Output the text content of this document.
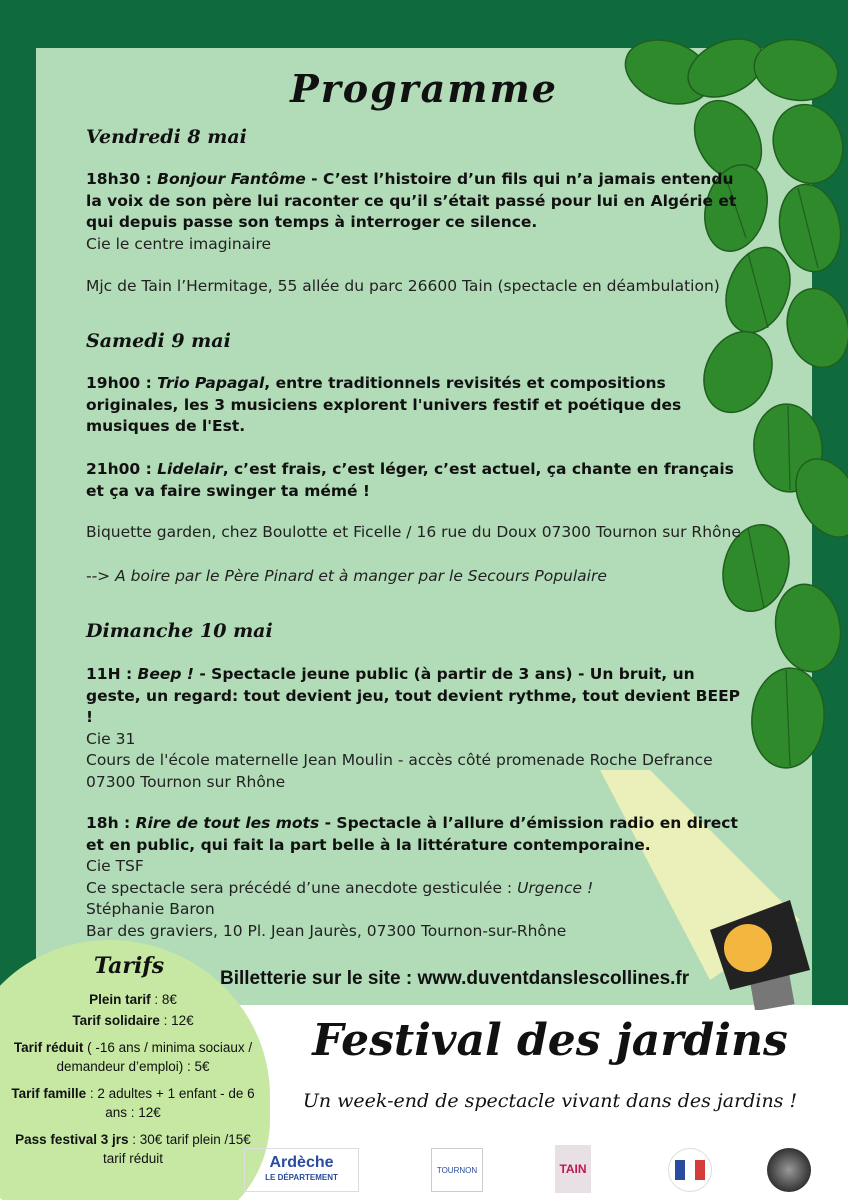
Programme
Vendredi 8 mai
18h30 : Bonjour Fantôme - C’est l’histoire d’un fils qui n’a jamais entendu la voix de son père lui raconter ce qu’il s’était passé pour lui en Algérie et qui depuis passe son temps à interroger ce silence.
Cie le centre imaginaire
Mjc de Tain l’Hermitage, 55 allée du parc 26600 Tain (spectacle en déambulation)
Samedi 9 mai
19h00 : Trio Papagal, entre traditionnels revisités et compositions originales, les 3 musiciens explorent l'univers festif et poétique des musiques de l'Est.
21h00 : Lidelair, c’est frais, c’est léger, c’est actuel, ça chante en français et ça va faire swinger ta mémé !
Biquette garden, chez Boulotte et Ficelle / 16 rue du Doux 07300 Tournon sur Rhône
--> A boire par le Père Pinard et à manger par le Secours Populaire
Dimanche 10 mai
11H : Beep ! - Spectacle jeune public (à partir de 3 ans) - Un bruit, un geste, un regard: tout devient jeu, tout devient rythme, tout devient BEEP !
Cie 31
Cours de l'école maternelle Jean Moulin - accès côté promenade Roche Defrance 07300 Tournon sur Rhône
18h : Rire de tout les mots - Spectacle à l’allure d’émission radio en direct et en public, qui fait la part belle à la littérature contemporaine.
Cie TSF
Ce spectacle sera précédé d’une anecdote gesticulée : Urgence !
Stéphanie Baron
Bar des graviers, 10 Pl. Jean Jaurès, 07300 Tournon-sur-Rhône
Billetterie sur le site : www.duventdanslescollines.fr
Tarifs
Plein tarif : 8€
Tarif solidaire : 12€
Tarif réduit ( -16 ans / minima sociaux / demandeur d’emploi) : 5€
Tarif famille : 2 adultes + 1 enfant - de 6 ans : 12€
Pass festival 3 jrs : 30€ tarif plein /15€ tarif réduit
Festival des jardins
Un week-end de spectacle vivant dans des jardins !
Ardèche
LE DÉPARTEMENT
TOURNON	TAIN
